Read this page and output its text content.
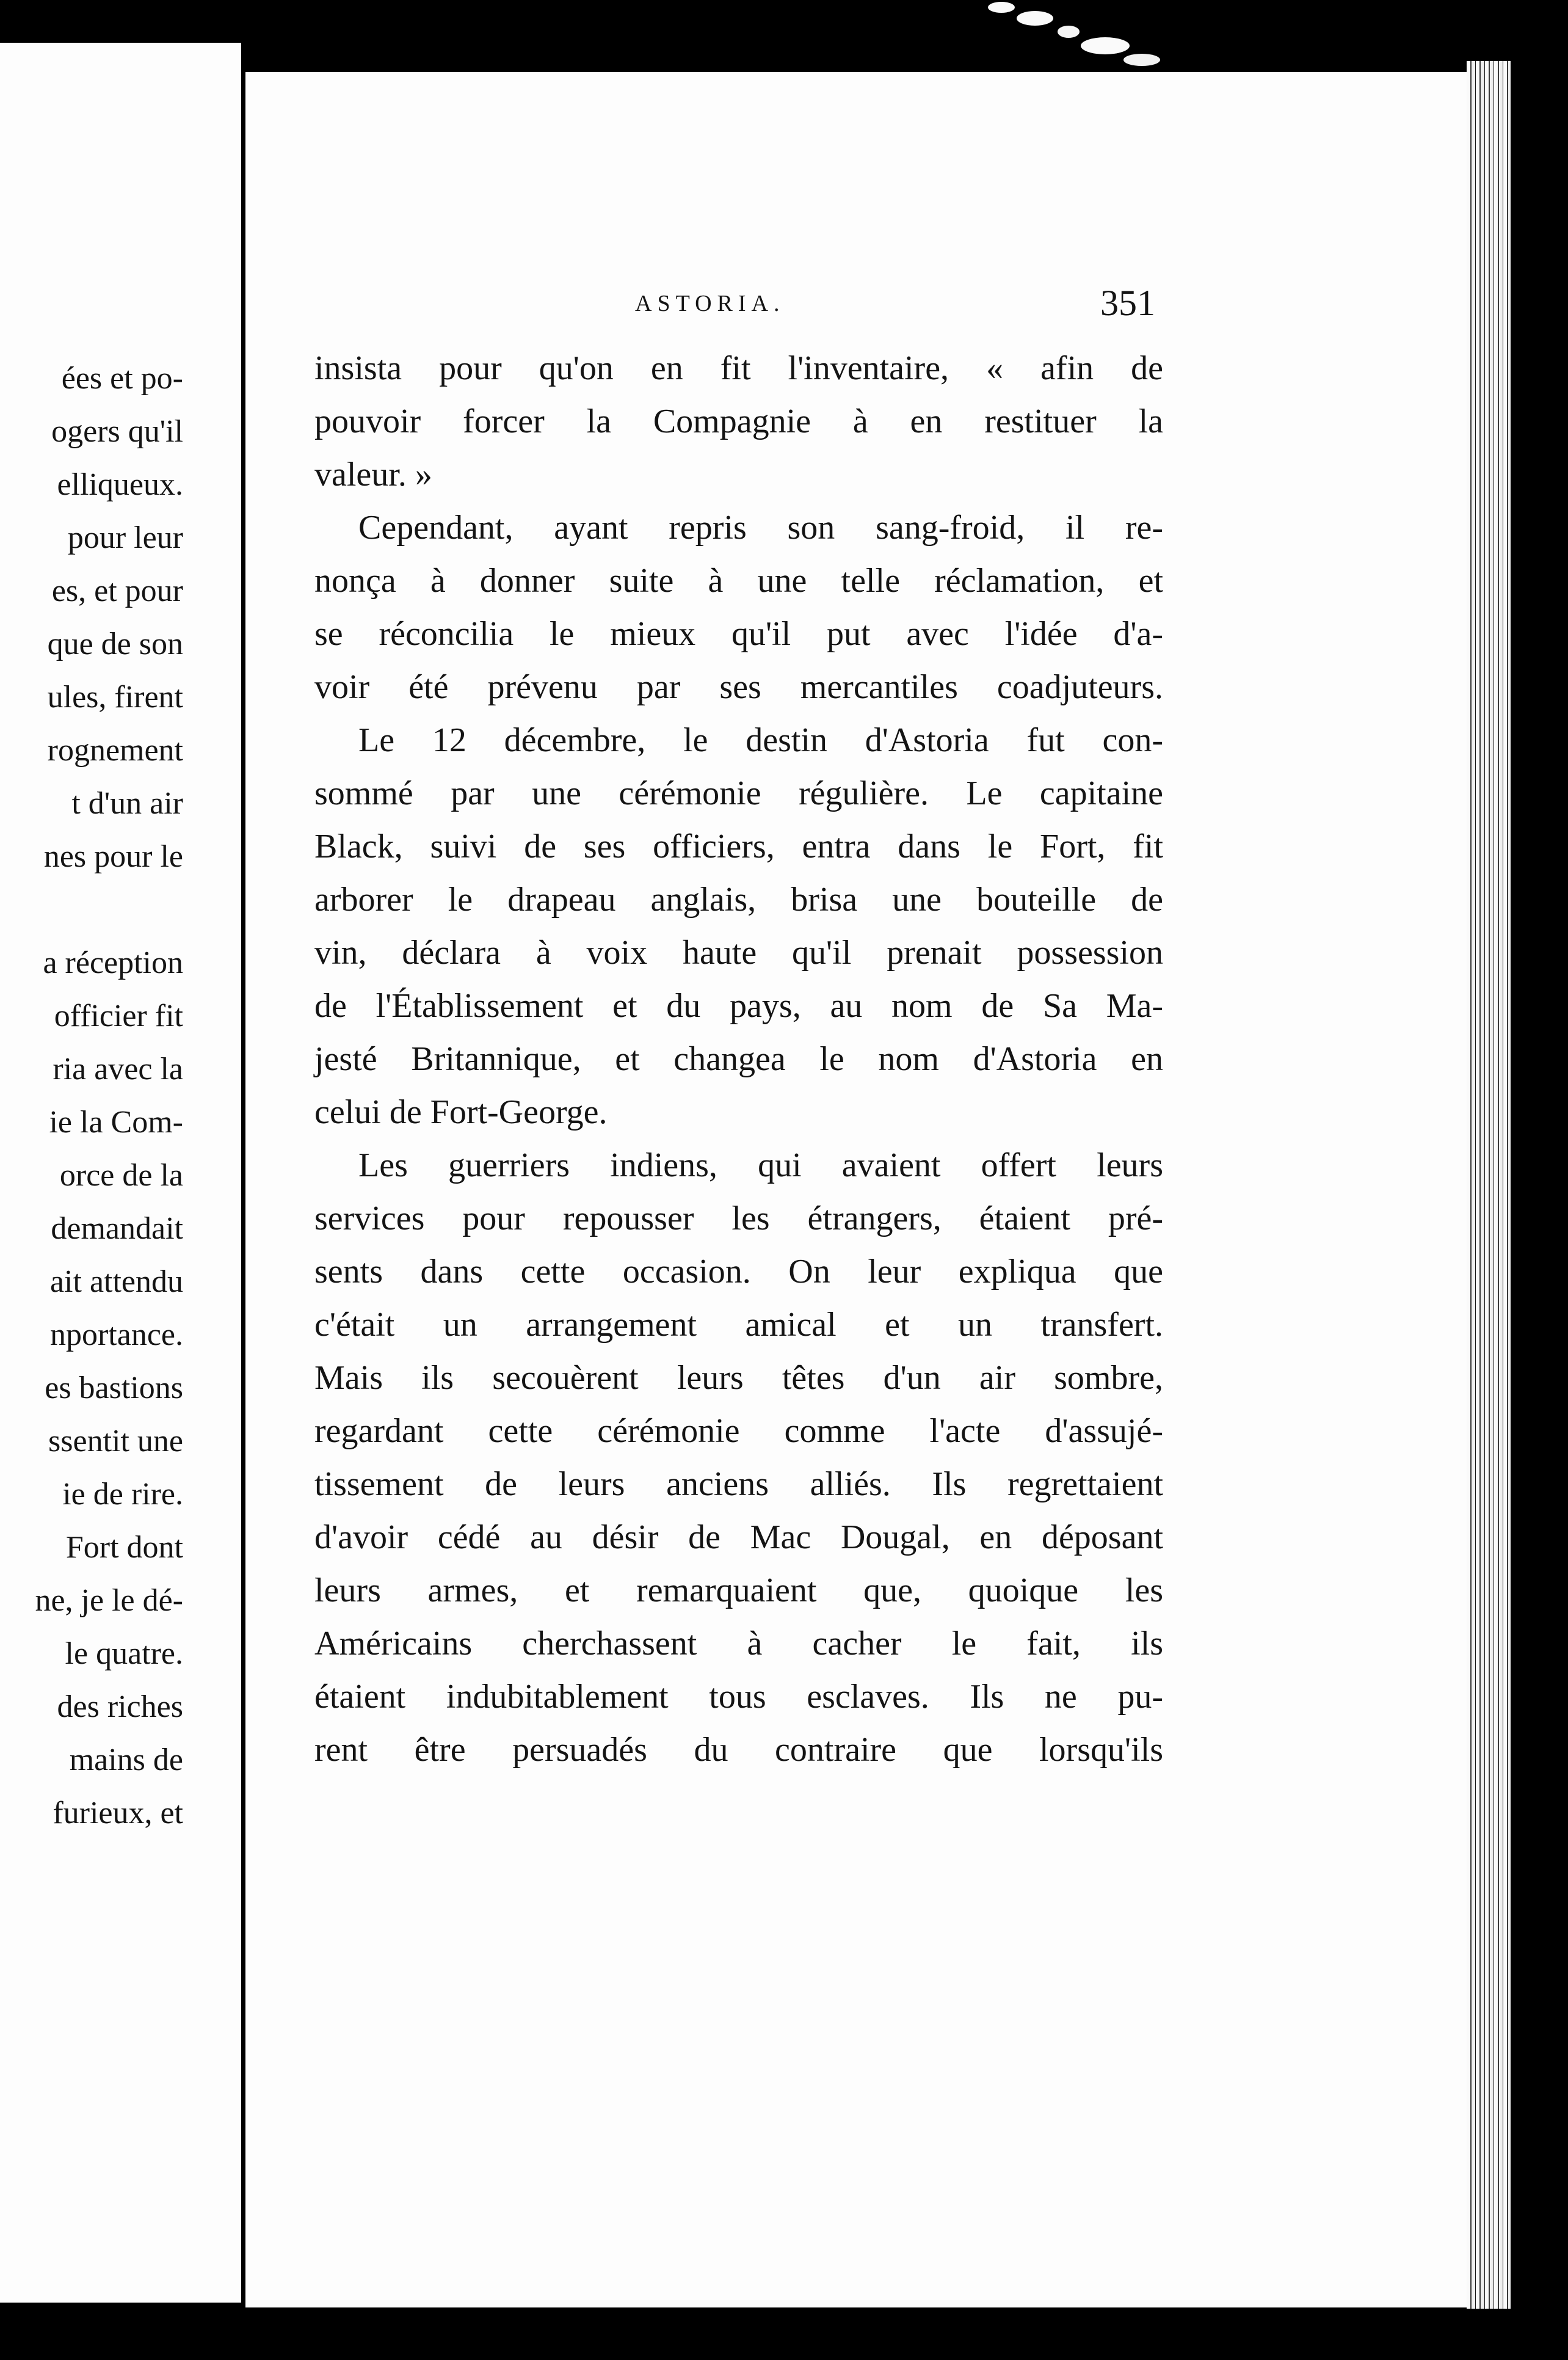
ées et po-
ogers qu'il
elliqueux.
pour leur
es, et pour
que de son
ules, firent
rognement
t d'un air
nes pour le
a réception
officier fit
ria avec la
ie la Com-
orce de la
demandait
ait attendu
nportance.
es bastions
ssentit une
ie de rire.
Fort dont
ne, je le dé-
le quatre.
des riches
mains de
furieux, et
ASTORIA.	351
insista pour qu'on en fit l'inventaire, « afin de
pouvoir forcer la Compagnie à en restituer la
valeur. »
Cependant, ayant repris son sang-froid, il re-
nonça à donner suite à une telle réclamation, et
se réconcilia le mieux qu'il put avec l'idée d'a-
voir été prévenu par ses mercantiles coadjuteurs.
Le 12 décembre, le destin d'Astoria fut con-
sommé par une cérémonie régulière. Le capitaine
Black, suivi de ses officiers, entra dans le Fort, fit
arborer le drapeau anglais, brisa une bouteille de
vin, déclara à voix haute qu'il prenait possession
de l'Établissement et du pays, au nom de Sa Ma-
jesté Britannique, et changea le nom d'Astoria en
celui de Fort-George.
Les guerriers indiens, qui avaient offert leurs
services pour repousser les étrangers, étaient pré-
sents dans cette occasion. On leur expliqua que
c'était un arrangement amical et un transfert.
Mais ils secouèrent leurs têtes d'un air sombre,
regardant cette cérémonie comme l'acte d'assujé-
tissement de leurs anciens alliés. Ils regrettaient
d'avoir cédé au désir de Mac Dougal, en déposant
leurs armes, et remarquaient que, quoique les
Américains cherchassent à cacher le fait, ils
étaient indubitablement tous esclaves. Ils ne pu-
rent être persuadés du contraire que lorsqu'ils
